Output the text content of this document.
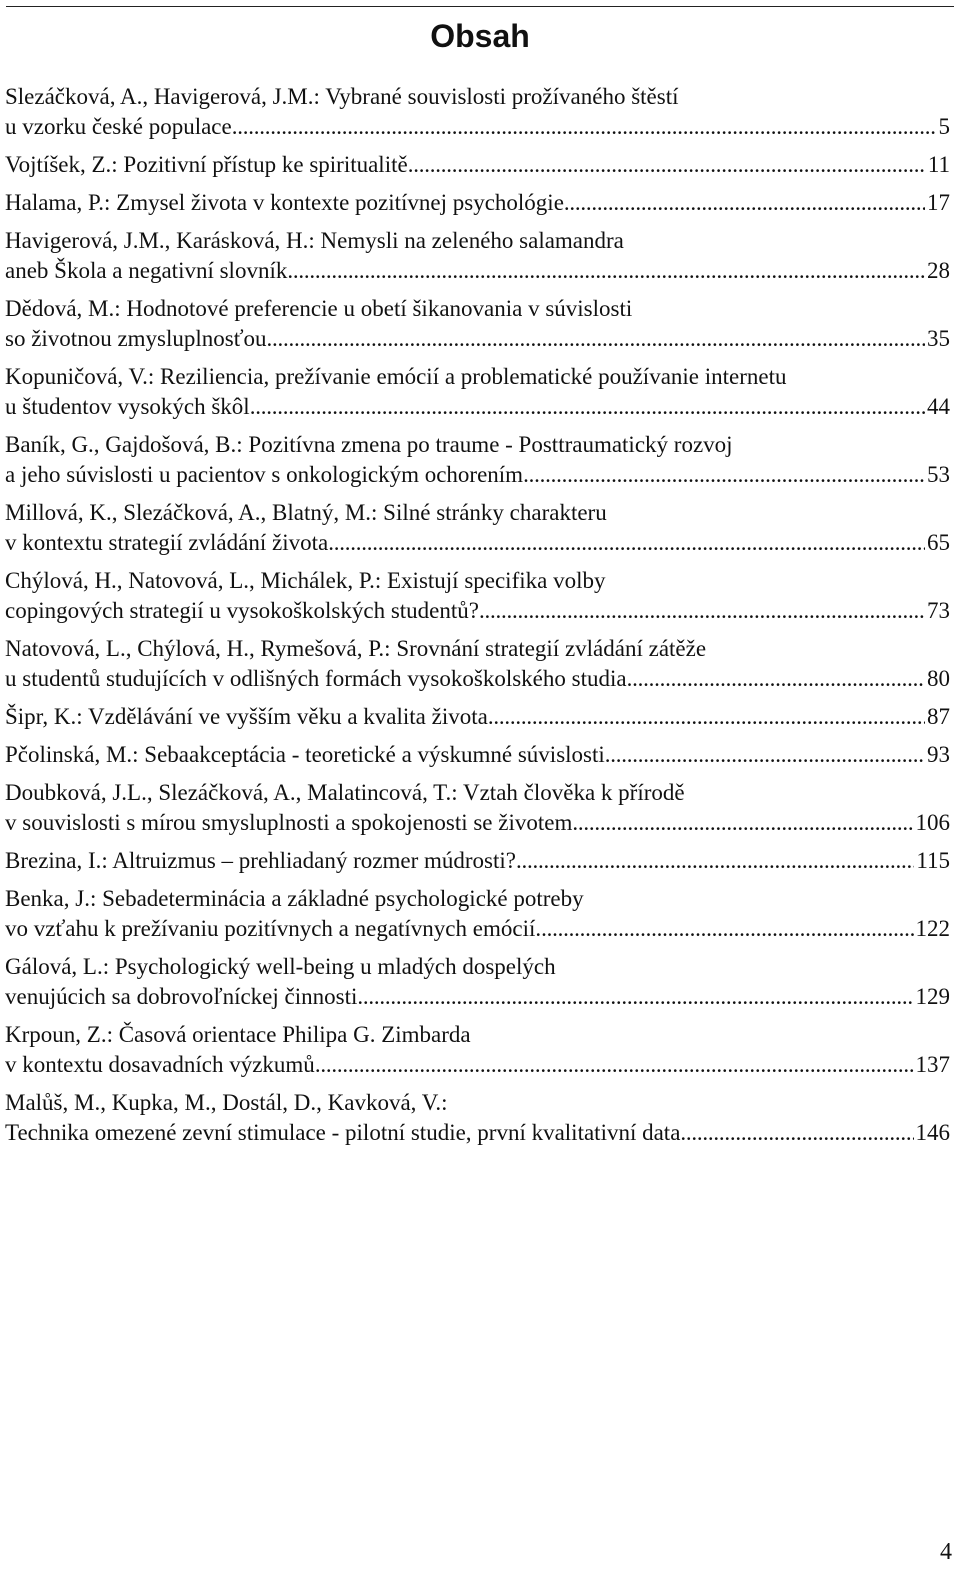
Obsah
Slezáčková, A., Havigerová, J.M.: Vybrané souvislosti prožívaného štěstí
u vzorku české populace . . .	5
Vojtíšek, Z.: Pozitivní přístup ke spiritualitě . . .	11
Halama, P.: Zmysel života v kontexte pozitívnej psychológie . . .	17
Havigerová, J.M., Karásková, H.: Nemysli na zeleného salamandra
aneb Škola a negativní slovník . . .	28
Dědová, M.: Hodnotové preferencie u obetí šikanovania v súvislosti
so životnou zmysluplnosťou . . .	35
Kopuničová, V.: Reziliencia, prežívanie emócií a problematické používanie internetu
u študentov vysokých škôl . . .	44
Baník, G., Gajdošová, B.: Pozitívna zmena po traume - Posttraumatický rozvoj
a jeho súvislosti u pacientov s onkologickým ochorením . . .	53
Millová, K., Slezáčková, A., Blatný, M.: Silné stránky charakteru
v kontextu strategií zvládání života . . .	65
Chýlová, H., Natovová, L., Michálek, P.: Existují specifika volby
copingových strategií u vysokoškolských studentů? . . .	73
Natovová, L., Chýlová, H., Rymešová, P.: Srovnání strategií zvládání zátěže
u studentů studujících v odlišných formách vysokoškolského studia . . .	80
Šipr, K.: Vzdělávání ve vyšším věku a kvalita života . . .	87
Pčolinská, M.: Sebaakceptácia - teoretické a výskumné súvislosti . . .	93
Doubková, J.L., Slezáčková, A., Malatincová, T.: Vztah člověka k přírodě
v souvislosti s mírou smysluplnosti a spokojenosti se životem . . .	106
Brezina, I.: Altruizmus – prehliadaný rozmer múdrosti? . . .	115
Benka, J.: Sebadeterminácia a základné psychologické potreby
vo vzťahu k prežívaniu pozitívnych a negatívnych emócií. . . .	122
Gálová, L.: Psychologický well-being u mladých dospelých
venujúcich sa dobrovoľníckej činnosti . . .	129
Krpoun, Z.: Časová orientace Philipa G. Zimbarda
v kontextu dosavadních výzkumů . . .	137
Malůš, M., Kupka, M., Dostál, D., Kavková, V.:
Technika omezené zevní stimulace - pilotní studie, první kvalitativní data . . .	146
4
